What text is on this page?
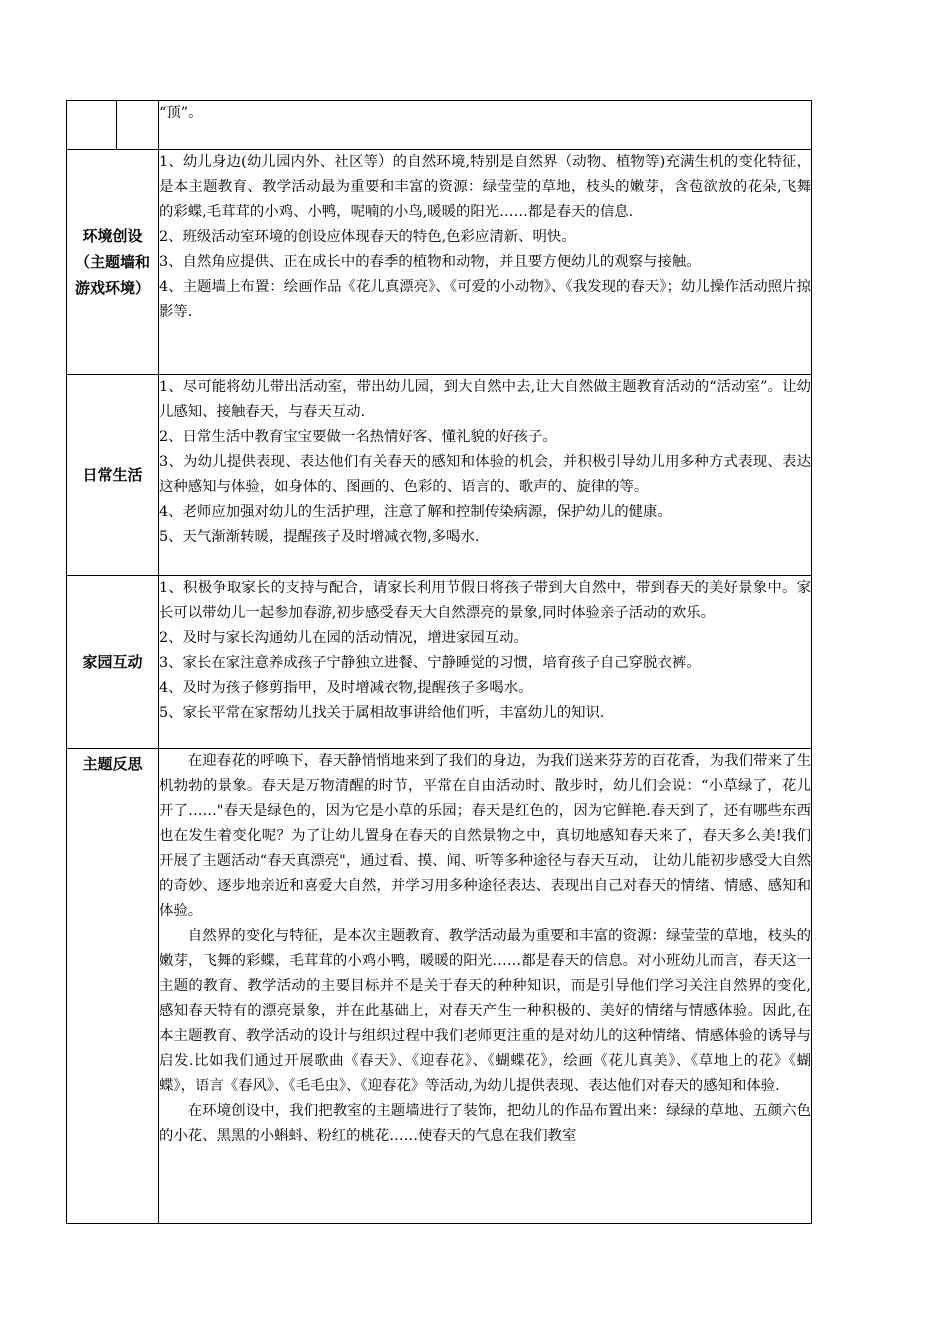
		“顶”。

环境创设（主题墙和游戏环境）		1、幼儿身边(幼儿园内外、社区等）的自然环境,特别是自然界（动物、植物等)充满生机的变化特征，是本主题教育、教学活动最为重要和丰富的资源：绿莹莹的草地，枝头的嫩芽，含苞欲放的花朵,飞舞的彩蝶,毛茸茸的小鸡、小鸭，呢喃的小鸟,暖暖的阳光……都是春天的信息.

2、班级活动室环境的创设应体现春天的特色,色彩应清新、明快。

3、自然角应提供、正在成长中的春季的植物和动物，并且要方便幼儿的观察与接触。

4、主题墙上布置：绘画作品《花儿真漂亮》、《可爱的小动物》、《我发现的春天》；幼儿操作活动照片掠影等.

日常生活		1、尽可能将幼儿带出活动室，带出幼儿园，到大自然中去,让大自然做主题教育活动的“活动室”。让幼儿感知、接触春天，与春天互动.

2、日常生活中教育宝宝要做一名热情好客、懂礼貌的好孩子。

3、为幼儿提供表现、表达他们有关春天的感知和体验的机会，并积极引导幼儿用多种方式表现、表达这种感知与体验，如身体的、图画的、色彩的、语言的、歌声的、旋律的等。

4、老师应加强对幼儿的生活护理，注意了解和控制传染病源，保护幼儿的健康。

5、天气渐渐转暖，提醒孩子及时增减衣物,多喝水.

家园互动		1、积极争取家长的支持与配合，请家长利用节假日将孩子带到大自然中，带到春天的美好景象中。家长可以带幼儿一起参加春游,初步感受春天大自然漂亮的景象,同时体验亲子活动的欢乐。

2、及时与家长沟通幼儿在园的活动情况，增进家园互动。

3、家长在家注意养成孩子宁静独立进餐、宁静睡觉的习惯，培育孩子自己穿脱衣裤。

4、及时为孩子修剪指甲，及时增减衣物,提醒孩子多喝水。

5、家长平常在家帮幼儿找关于属相故事讲给他们听，丰富幼儿的知识.

主题反思		在迎春花的呼唤下，春天静悄悄地来到了我们的身边，为我们送来芬芳的百花香，为我们带来了生机勃勃的景象。春天是万物清醒的时节，平常在自由活动时、散步时，幼儿们会说：“小草绿了，花儿开了……"春天是绿色的，因为它是小草的乐园；春天是红色的，因为它鲜艳.春天到了，还有哪些东西也在发生着变化呢？为了让幼儿置身在春天的自然景物之中，真切地感知春天来了，春天多么美!我们开展了主题活动“春天真漂亮"，通过看、摸、闻、听等多种途径与春天互动， 让幼儿能初步感受大自然的奇妙、逐步地亲近和喜爱大自然，并学习用多种途径表达、表现出自己对春天的情绪、情感、感知和体验。

自然界的变化与特征，是本次主题教育、教学活动最为重要和丰富的资源：绿莹莹的草地，枝头的嫩芽，飞舞的彩蝶，毛茸茸的小鸡小鸭，暖暖的阳光……都是春天的信息。对小班幼儿而言，春天这一主题的教育、教学活动的主要目标并不是关于春天的种种知识，而是引导他们学习关注自然界的变化,感知春天特有的漂亮景象，并在此基础上，对春天产生一种积极的、美好的情绪与情感体验。因此,在本主题教育、教学活动的设计与组织过程中我们老师更注重的是对幼儿的这种情绪、情感体验的诱导与启发.比如我们通过开展歌曲《春天》、《迎春花》、《蝴蝶花》，绘画《花儿真美》、《草地上的花》《蝴蝶》，语言《春风》、《毛毛虫》、《迎春花》等活动,为幼儿提供表现、表达他们对春天的感知和体验.

在环境创设中，我们把教室的主题墙进行了装饰，把幼儿的作品布置出来：绿绿的草地、五颜六色的小花、黑黑的小蝌蚪、粉红的桃花……使春天的气息在我们教室
